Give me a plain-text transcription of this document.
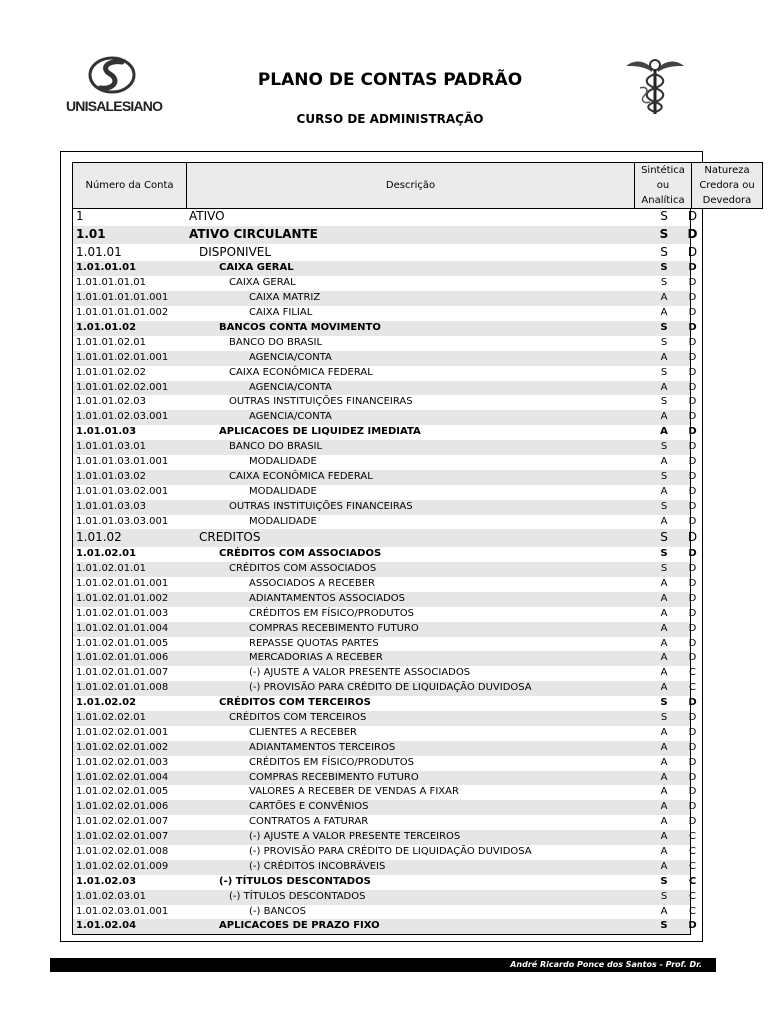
UNISALESIANO
PLANO DE CONTAS PADRÃO
CURSO DE ADMINISTRAÇÃO
Número da Conta	Descrição
Sintética
ou
Analítica
Natureza
Credora ou
Devedora
1	ATIVO	S	D
1.01	ATIVO CIRCULANTE	S	D
1.01.01	DISPONIVEL	S	D
1.01.01.01	CAIXA GERAL	S	D
1.01.01.01.01	CAIXA GERAL	S	D
1.01.01.01.01.001	CAIXA MATRIZ	A	D
1.01.01.01.01.002	CAIXA FILIAL	A	D
1.01.01.02	BANCOS CONTA MOVIMENTO	S	D
1.01.01.02.01	BANCO DO BRASIL	S	D
1.01.01.02.01.001	AGENCIA/CONTA	A	D
1.01.01.02.02	CAIXA ECONÔMICA FEDERAL	S	D
1.01.01.02.02.001	AGENCIA/CONTA	A	D
1.01.01.02.03	OUTRAS INSTITUIÇÕES FINANCEIRAS	S	D
1.01.01.02.03.001	AGENCIA/CONTA	A	D
1.01.01.03	APLICACOES DE LIQUIDEZ IMEDIATA	A	D
1.01.01.03.01	BANCO DO BRASIL	S	D
1.01.01.03.01.001	MODALIDADE	A	D
1.01.01.03.02	CAIXA ECONÔMICA FEDERAL	S	D
1.01.01.03.02.001	MODALIDADE	A	D
1.01.01.03.03	OUTRAS INSTITUIÇÕES FINANCEIRAS	S	D
1.01.01.03.03.001	MODALIDADE	A	D
1.01.02	CREDITOS	S	D
1.01.02.01	CRÉDITOS COM ASSOCIADOS	S	D
1.01.02.01.01	CRÉDITOS COM ASSOCIADOS	S	D
1.01.02.01.01.001	ASSOCIADOS A RECEBER	A	D
1.01.02.01.01.002	ADIANTAMENTOS ASSOCIADOS	A	D
1.01.02.01.01.003	CRÉDITOS EM FÍSICO/PRODUTOS	A	D
1.01.02.01.01.004	COMPRAS RECEBIMENTO FUTURO	A	D
1.01.02.01.01.005	REPASSE QUOTAS PARTES	A	D
1.01.02.01.01.006	MERCADORIAS A RECEBER	A	D
1.01.02.01.01.007	(-) AJUSTE A VALOR PRESENTE ASSOCIADOS	A	C
1.01.02.01.01.008	(-) PROVISÃO PARA CRÉDITO DE LIQUIDAÇÃO DUVIDOSA	A	C
1.01.02.02	CRÉDITOS COM TERCEIROS	S	D
1.01.02.02.01	CRÉDITOS COM TERCEIROS	S	D
1.01.02.02.01.001	CLIENTES A RECEBER	A	D
1.01.02.02.01.002	ADIANTAMENTOS TERCEIROS	A	D
1.01.02.02.01.003	CRÉDITOS EM FÍSICO/PRODUTOS	A	D
1.01.02.02.01.004	COMPRAS RECEBIMENTO FUTURO	A	D
1.01.02.02.01.005	VALORES A RECEBER DE VENDAS A FIXAR	A	D
1.01.02.02.01.006	CARTÕES E CONVÊNIOS	A	D
1.01.02.02.01.007	CONTRATOS A FATURAR	A	D
1.01.02.02.01.007	(-) AJUSTE A VALOR PRESENTE TERCEIROS	A	C
1.01.02.02.01.008	(-) PROVISÃO PARA CRÉDITO DE LIQUIDAÇÃO DUVIDOSA	A	C
1.01.02.02.01.009	(-) CRÉDITOS INCOBRÁVEIS	A	C
1.01.02.03	(-) TÍTULOS DESCONTADOS	S	C
1.01.02.03.01	(-) TÍTULOS DESCONTADOS	S	C
1.01.02.03.01.001	(-) BANCOS	A	C
1.01.02.04	APLICACOES DE PRAZO FIXO	S	D
André Ricardo Ponce dos Santos - Prof. Dr.
